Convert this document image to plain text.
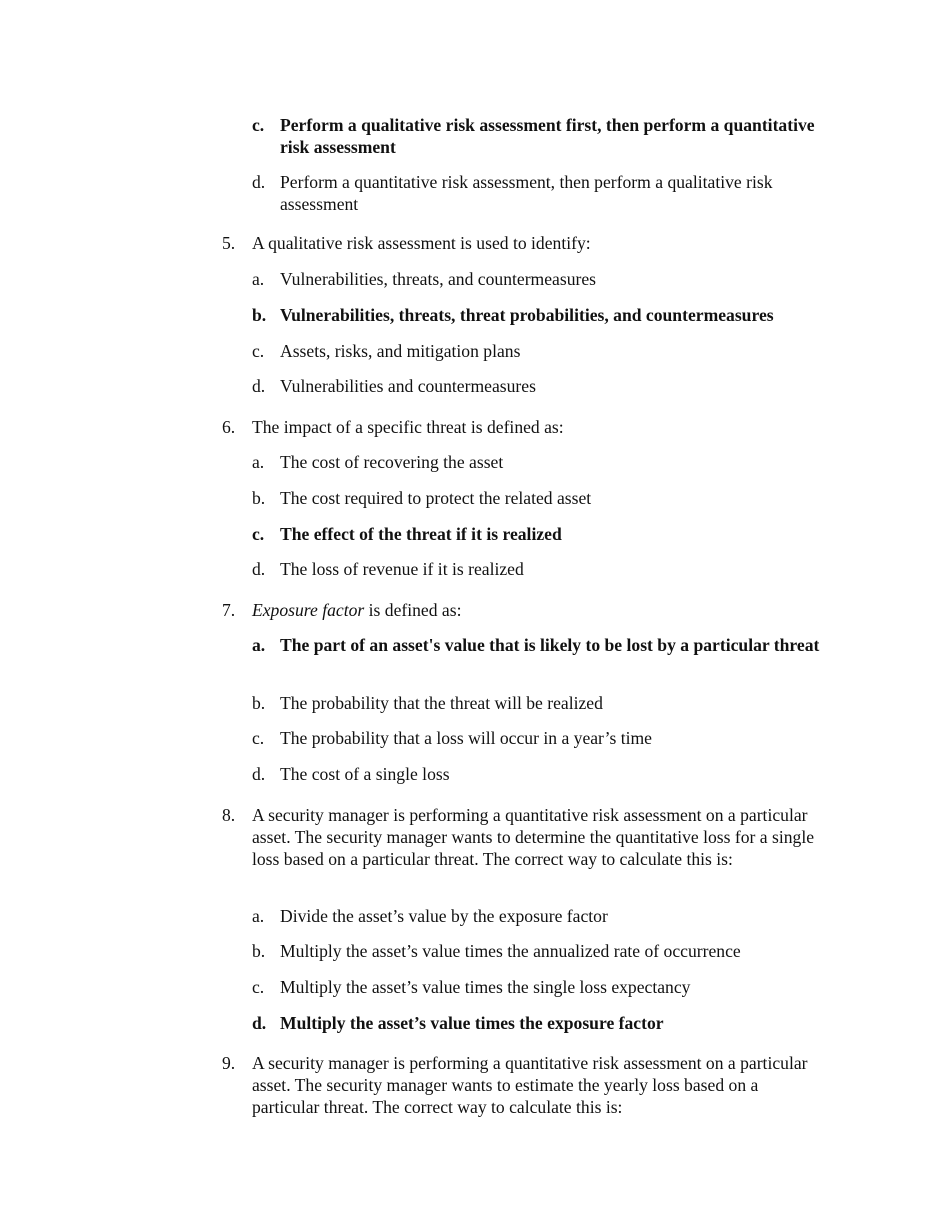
c. Perform a qualitative risk assessment first, then perform a quantitative risk assessment
d. Perform a quantitative risk assessment, then perform a qualitative risk assessment
5. A qualitative risk assessment is used to identify:
a. Vulnerabilities, threats, and countermeasures
b. Vulnerabilities, threats, threat probabilities, and countermeasures
c. Assets, risks, and mitigation plans
d. Vulnerabilities and countermeasures
6. The impact of a specific threat is defined as:
a. The cost of recovering the asset
b. The cost required to protect the related asset
c. The effect of the threat if it is realized
d. The loss of revenue if it is realized
7. Exposure factor is defined as:
a. The part of an asset's value that is likely to be lost by a particular threat
b. The probability that the threat will be realized
c. The probability that a loss will occur in a year’s time
d. The cost of a single loss
8. A security manager is performing a quantitative risk assessment on a particular asset. The security manager wants to determine the quantitative loss for a single loss based on a particular threat. The correct way to calculate this is:
a. Divide the asset’s value by the exposure factor
b. Multiply the asset’s value times the annualized rate of occurrence
c. Multiply the asset’s value times the single loss expectancy
d. Multiply the asset’s value times the exposure factor
9. A security manager is performing a quantitative risk assessment on a particular asset. The security manager wants to estimate the yearly loss based on a particular threat. The correct way to calculate this is:
